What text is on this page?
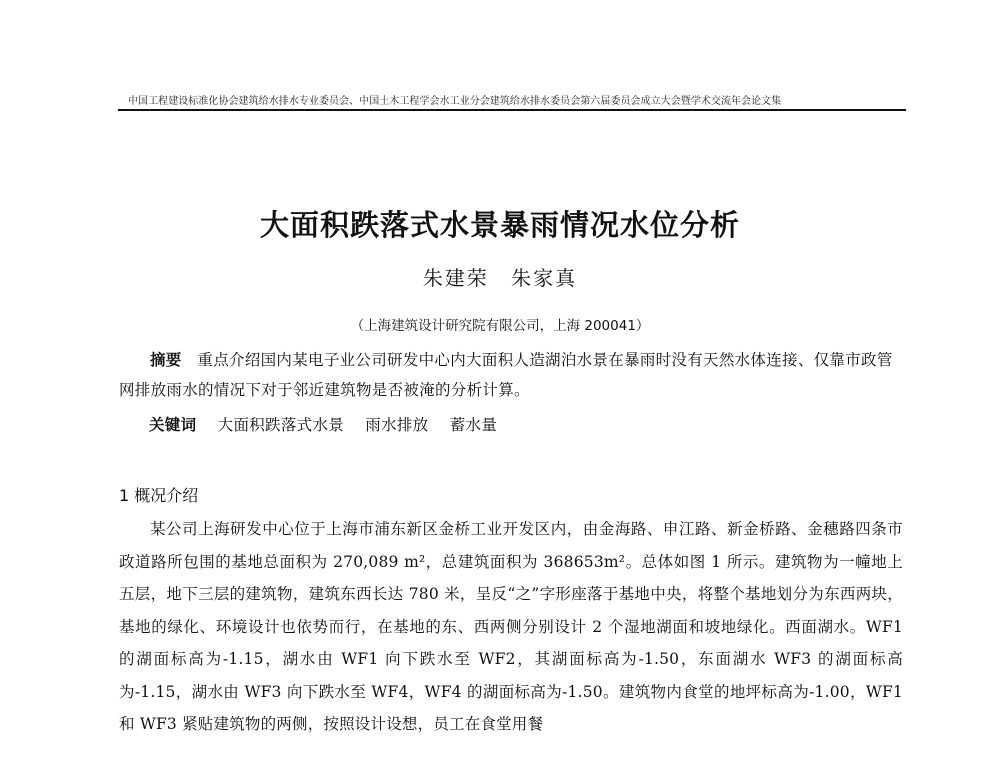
中国工程建设标准化协会建筑给水排水专业委员会、中国土木工程学会水工业分会建筑给水排水委员会第六届委员会成立大会暨学术交流年会论文集
大面积跌落式水景暴雨情况水位分析
朱建荣 朱家真
（上海建筑设计研究院有限公司，上海 200041）
摘要  重点介绍国内某电子业公司研发中心内大面积人造湖泊水景在暴雨时没有天然水体连接、仅靠市政管网排放雨水的情况下对于邻近建筑物是否被淹的分析计算。
关键词 大面积跌落式水景 雨水排放 蓄水量
1 概况介绍
某公司上海研发中心位于上海市浦东新区金桥工业开发区内，由金海路、申江路、新金桥路、金穗路四条市政道路所包围的基地总面积为 270,089 m²，总建筑面积为 368653m²。总体如图 1 所示。建筑物为一幢地上五层，地下三层的建筑物，建筑东西长达 780 米，呈反“之”字形座落于基地中央，将整个基地划分为东西两块，基地的绿化、环境设计也依势而行，在基地的东、西两侧分别设计 2 个湿地湖面和坡地绿化。西面湖水。WF1 的湖面标高为-1.15，湖水由 WF1 向下跌水至 WF2，其湖面标高为-1.50，东面湖水 WF3 的湖面标高为-1.15，湖水由 WF3 向下跌水至 WF4，WF4 的湖面标高为-1.50。建筑物内食堂的地坪标高为-1.00，WF1 和 WF3 紧贴建筑物的两侧，按照设计设想，员工在食堂用餐
